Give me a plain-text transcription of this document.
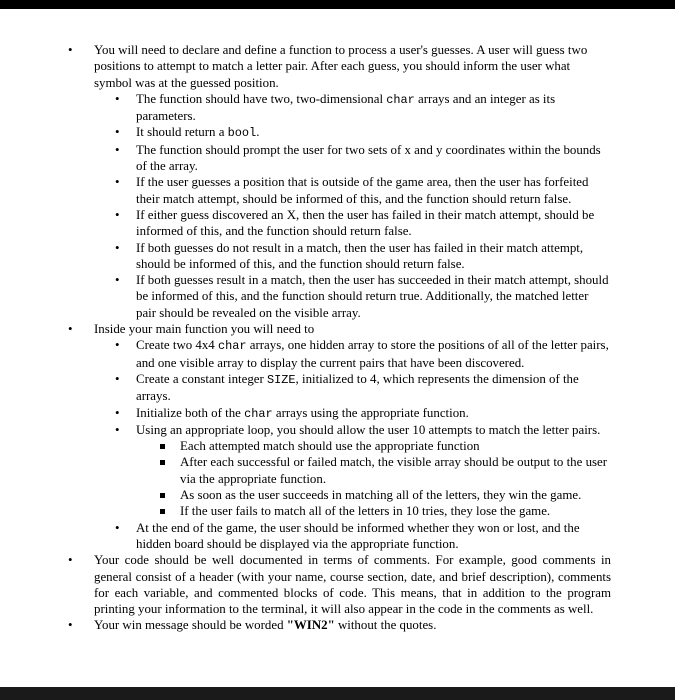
• You will need to declare and define a function to process a user's guesses. A user will guess two positions to attempt to match a letter pair. After each guess, you should inform the user what symbol was at the guessed position.
• The function should have two, two-dimensional char arrays and an integer as its parameters.
• It should return a bool.
• The function should prompt the user for two sets of x and y coordinates within the bounds of the array.
• If the user guesses a position that is outside of the game area, then the user has forfeited their match attempt, should be informed of this, and the function should return false.
• If either guess discovered an X, then the user has failed in their match attempt, should be informed of this, and the function should return false.
• If both guesses do not result in a match, then the user has failed in their match attempt, should be informed of this, and the function should return false.
• If both guesses result in a match, then the user has succeeded in their match attempt, should be informed of this, and the function should return true. Additionally, the matched letter pair should be revealed on the visible array.
• Inside your main function you will need to
• Create two 4x4 char arrays, one hidden array to store the positions of all of the letter pairs, and one visible array to display the current pairs that have been discovered.
• Create a constant integer SIZE, initialized to 4, which represents the dimension of the arrays.
• Initialize both of the char arrays using the appropriate function.
• Using an appropriate loop, you should allow the user 10 attempts to match the letter pairs.
Each attempted match should use the appropriate function
After each successful or failed match, the visible array should be output to the user via the appropriate function.
As soon as the user succeeds in matching all of the letters, they win the game.
If the user fails to match all of the letters in 10 tries, they lose the game.
• At the end of the game, the user should be informed whether they won or lost, and the hidden board should be displayed via the appropriate function.
• Your code should be well documented in terms of comments. For example, good comments in general consist of a header (with your name, course section, date, and brief description), comments for each variable, and commented blocks of code. This means, that in addition to the program printing your information to the terminal, it will also appear in the code in the comments as well.
• Your win message should be worded "WIN2" without the quotes.
